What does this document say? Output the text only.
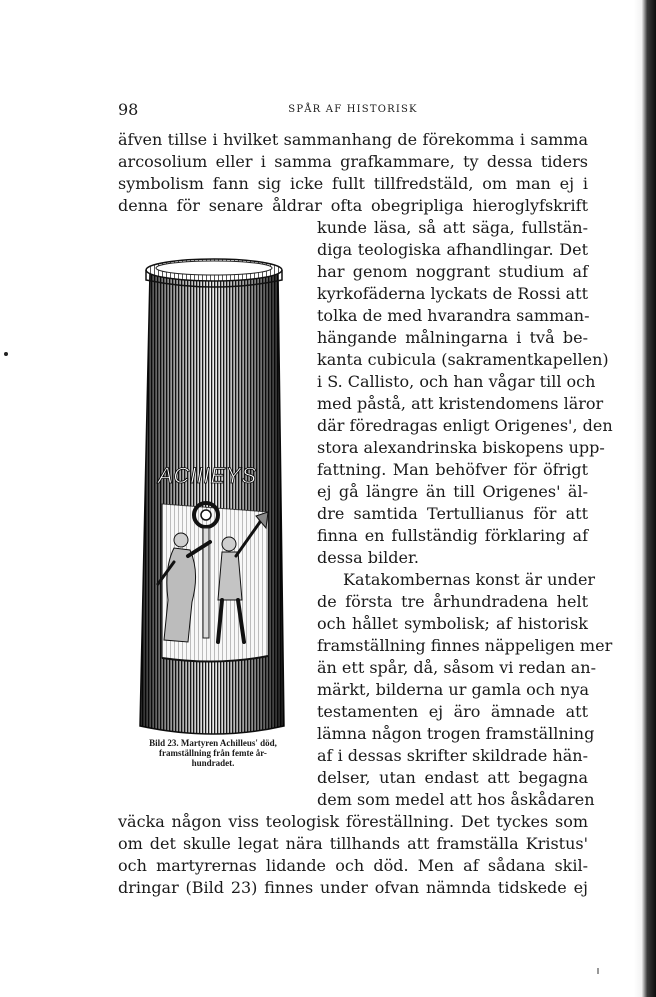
98	SPÅR AF HISTORISK
äfven tillse i hvilket sammanhang de förekomma i samma
arcosolium eller i samma grafkammare, ty dessa tiders
symbolism fann sig icke fullt tillfredstäld, om man ej i
denna för senare åldrar ofta obegripliga hieroglyfskrift
kunde läsa, så att säga, fullstän-
diga teologiska afhandlingar. Det
har genom noggrant studium af
kyrkofäderna lyckats de Rossi att
tolka de med hvarandra samman-
hängande målningarna i två be-
kanta cubicula (sakramentkapellen)
i S. Callisto, och han vågar till och
med påstå, att kristendomens läror
där föredragas enligt Origenes', den
stora alexandrinska biskopens upp-
fattning. Man behöfver för öfrigt
ej gå längre än till Origenes' äl-
dre samtida Tertullianus för att
finna en fullständig förklaring af
dessa bilder.
Katakombernas konst är under
de första tre århundradena helt
och hållet symbolisk; af historisk
framställning finnes näppeligen mer
än ett spår, då, såsom vi redan an-
märkt, bilderna ur gamla och nya
testamenten ej äro ämnade att
lämna någon trogen framställning
af i dessas skrifter skildrade hän-
delser, utan endast att begagna
dem som medel att hos åskådaren
väcka någon viss teologisk föreställning. Det tyckes som
om det skulle legat nära tillhands att framställa Kristus'
och martyrernas lidande och död. Men af sådana skil-
dringar (Bild 23) finnes under ofvan nämnda tidskede ej
ACIIIEYS
Bild 23. Martyren Achilleus' död,
framställning från femte år-
hundradet.
